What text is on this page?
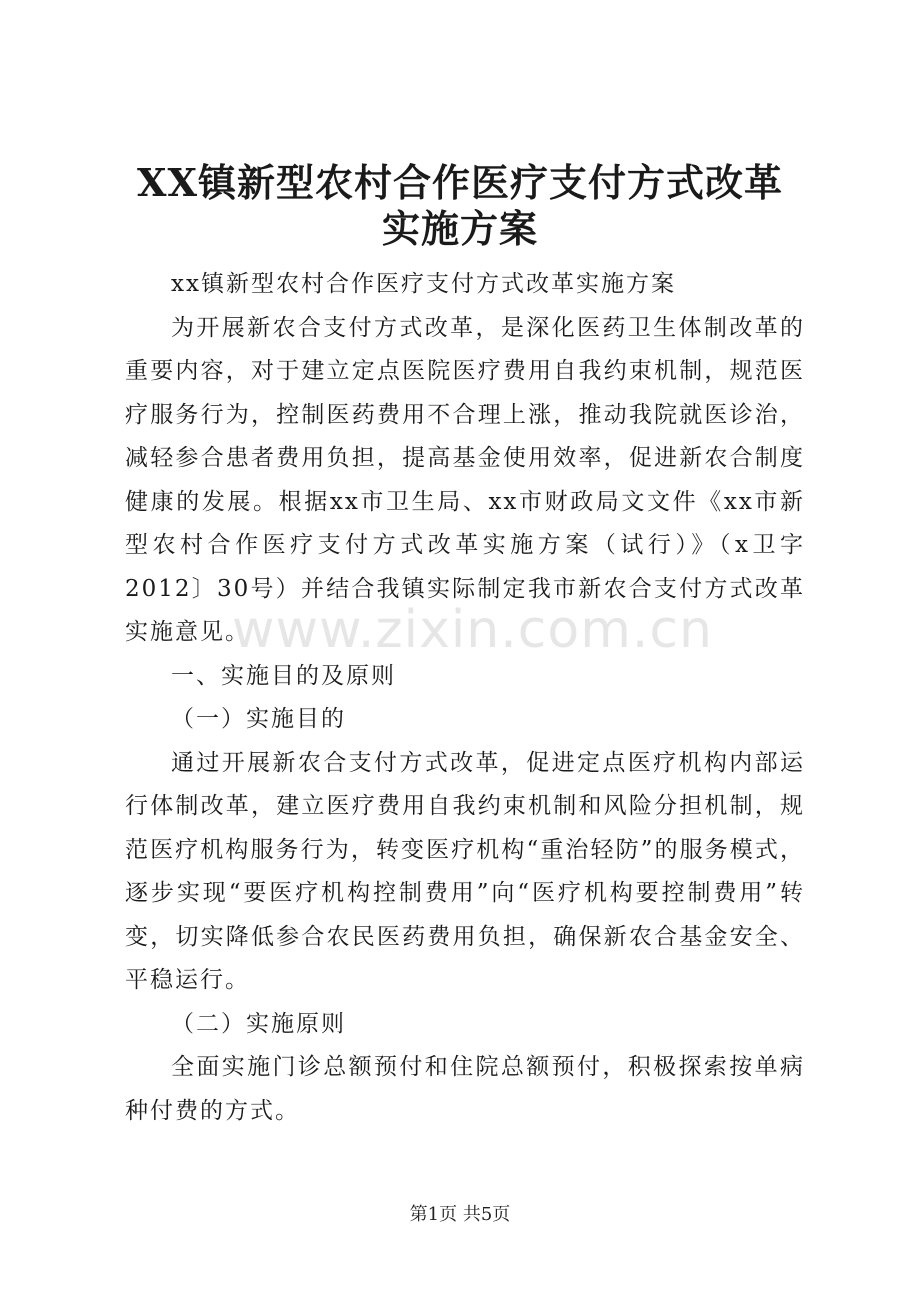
XX镇新型农村合作医疗支付方式改革实施方案

xx镇新型农村合作医疗支付方式改革实施方案

为开展新农合支付方式改革，是深化医药卫生体制改革的重要内容，对于建立定点医院医疗费用自我约束机制，规范医疗服务行为，控制医药费用不合理上涨，推动我院就医诊治，减轻参合患者费用负担，提高基金使用效率，促进新农合制度健康的发展。根据xx市卫生局、xx市财政局文文件《xx市新型农村合作医疗支付方式改革实施方案（试行）》（x卫字2012〕30号）并结合我镇实际制定我市新农合支付方式改革实施意见。

一、实施目的及原则

（一）实施目的

通过开展新农合支付方式改革，促进定点医疗机构内部运行体制改革，建立医疗费用自我约束机制和风险分担机制，规范医疗机构服务行为，转变医疗机构“重治轻防”的服务模式，逐步实现“要医疗机构控制费用”向“医疗机构要控制费用”转变，切实降低参合农民医药费用负担，确保新农合基金安全、平稳运行。

（二）实施原则

全面实施门诊总额预付和住院总额预付，积极探索按单病种付费的方式。

www.zixin.com.cn
第1页 共5页
